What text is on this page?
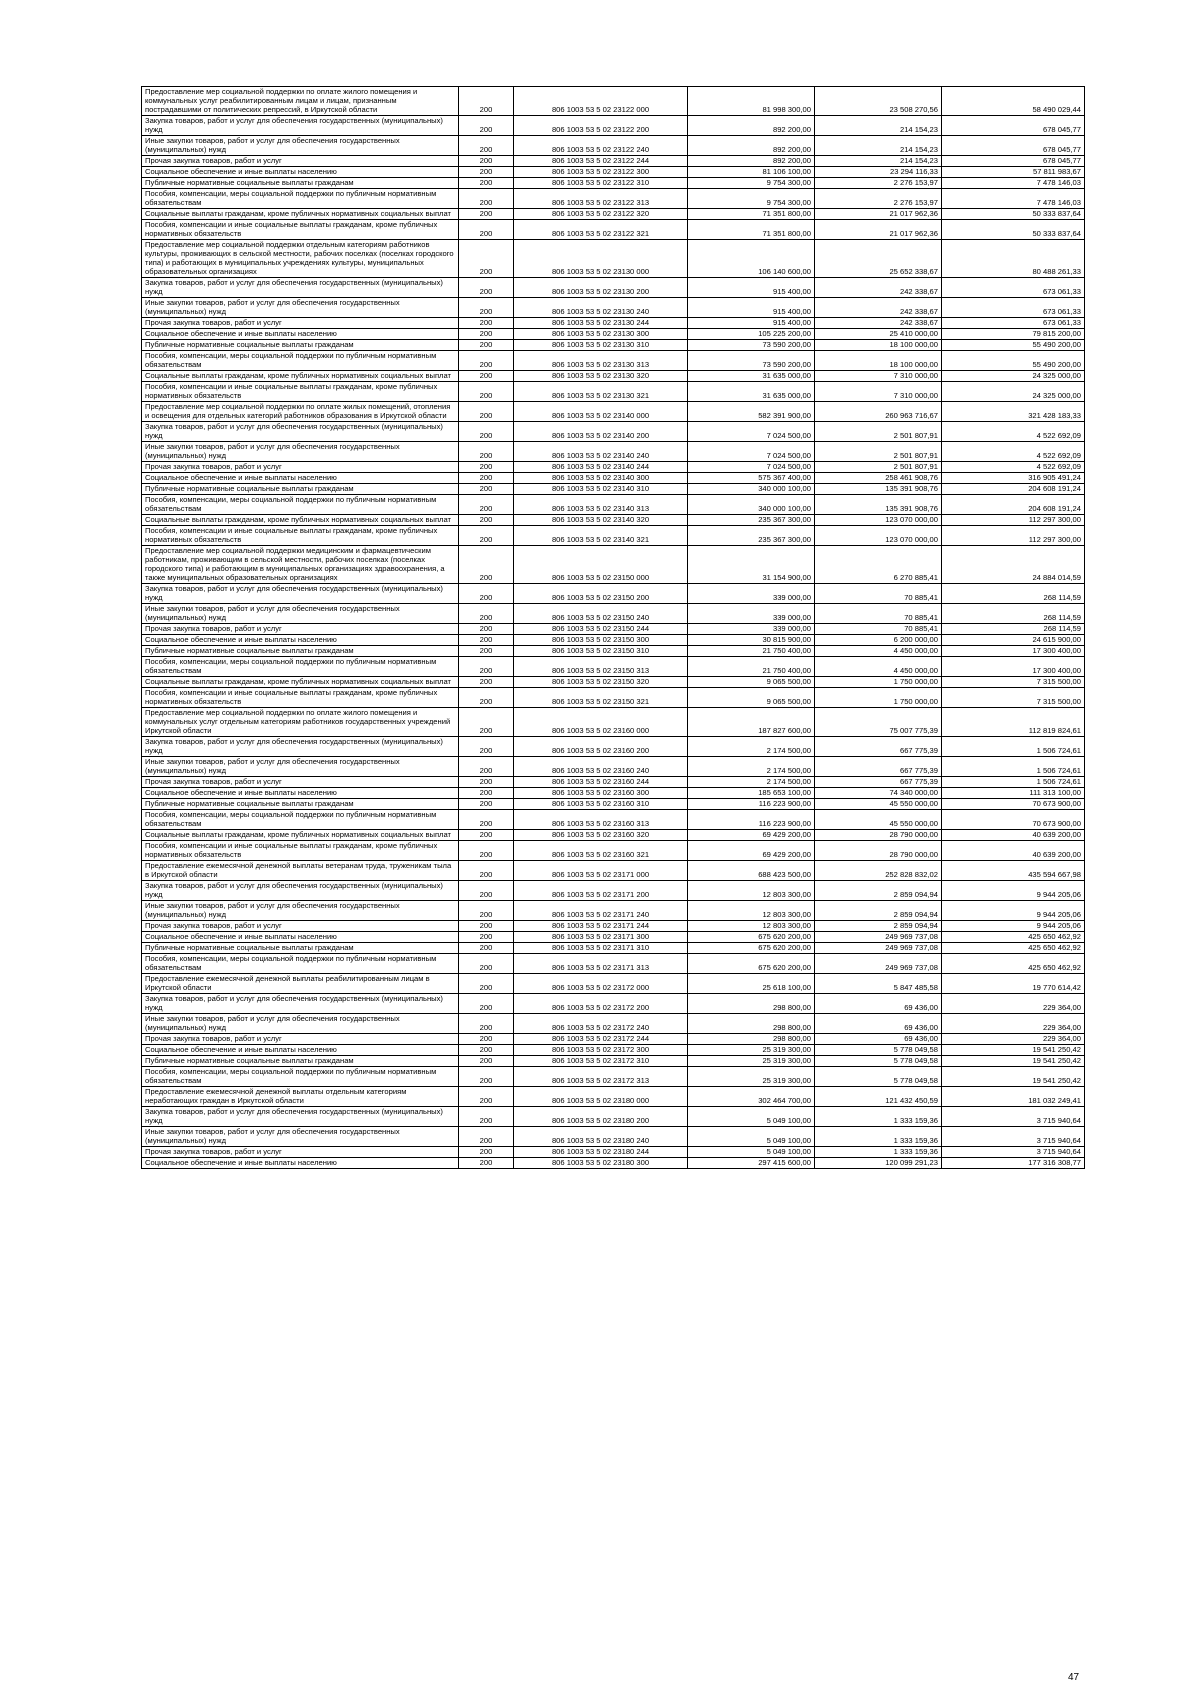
Предоставление мер социальной поддержки по оплате жилого помещения и коммунальных услуг реабилитированным лицам и лицам, признанным пострадавшими от политических репрессий, в Иркутской области	200	806 1003 53 5 02 23122 000	81 998 300,00	23 508 270,56	58 490 029,44
Закупка товаров, работ и услуг для обеспечения государственных (муниципальных) нужд	200	806 1003 53 5 02 23122 200	892 200,00	214 154,23	678 045,77
Иные закупки товаров, работ и услуг для обеспечения государственных (муниципальных) нужд	200	806 1003 53 5 02 23122 240	892 200,00	214 154,23	678 045,77
Прочая закупка товаров, работ и услуг	200	806 1003 53 5 02 23122 244	892 200,00	214 154,23	678 045,77
Социальное обеспечение и иные выплаты населению	200	806 1003 53 5 02 23122 300	81 106 100,00	23 294 116,33	57 811 983,67
Публичные нормативные социальные выплаты гражданам	200	806 1003 53 5 02 23122 310	9 754 300,00	2 276 153,97	7 478 146,03
Пособия, компенсации, меры социальной поддержки по публичным нормативным обязательствам	200	806 1003 53 5 02 23122 313	9 754 300,00	2 276 153,97	7 478 146,03
Социальные выплаты гражданам, кроме публичных нормативных социальных выплат	200	806 1003 53 5 02 23122 320	71 351 800,00	21 017 962,36	50 333 837,64
Пособия, компенсации и иные социальные выплаты гражданам, кроме публичных нормативных обязательств	200	806 1003 53 5 02 23122 321	71 351 800,00	21 017 962,36	50 333 837,64
Предоставление мер социальной поддержки отдельным категориям работников культуры, проживающих в сельской местности, рабочих поселках (поселках городского типа) и работающих в муниципальных учреждениях культуры, муниципальных образовательных организациях	200	806 1003 53 5 02 23130 000	106 140 600,00	25 652 338,67	80 488 261,33
Закупка товаров, работ и услуг для обеспечения государственных (муниципальных) нужд	200	806 1003 53 5 02 23130 200	915 400,00	242 338,67	673 061,33
Иные закупки товаров, работ и услуг для обеспечения государственных (муниципальных) нужд	200	806 1003 53 5 02 23130 240	915 400,00	242 338,67	673 061,33
Прочая закупка товаров, работ и услуг	200	806 1003 53 5 02 23130 244	915 400,00	242 338,67	673 061,33
Социальное обеспечение и иные выплаты населению	200	806 1003 53 5 02 23130 300	105 225 200,00	25 410 000,00	79 815 200,00
Публичные нормативные социальные выплаты гражданам	200	806 1003 53 5 02 23130 310	73 590 200,00	18 100 000,00	55 490 200,00
Пособия, компенсации, меры социальной поддержки по публичным нормативным обязательствам	200	806 1003 53 5 02 23130 313	73 590 200,00	18 100 000,00	55 490 200,00
Социальные выплаты гражданам, кроме публичных нормативных социальных выплат	200	806 1003 53 5 02 23130 320	31 635 000,00	7 310 000,00	24 325 000,00
Пособия, компенсации и иные социальные выплаты гражданам, кроме публичных нормативных обязательств	200	806 1003 53 5 02 23130 321	31 635 000,00	7 310 000,00	24 325 000,00
Предоставление мер социальной поддержки по оплате жилых помещений, отопления и освещения для отдельных категорий работников образования в Иркутской области	200	806 1003 53 5 02 23140 000	582 391 900,00	260 963 716,67	321 428 183,33
Закупка товаров, работ и услуг для обеспечения государственных (муниципальных) нужд	200	806 1003 53 5 02 23140 200	7 024 500,00	2 501 807,91	4 522 692,09
Иные закупки товаров, работ и услуг для обеспечения государственных (муниципальных) нужд	200	806 1003 53 5 02 23140 240	7 024 500,00	2 501 807,91	4 522 692,09
Прочая закупка товаров, работ и услуг	200	806 1003 53 5 02 23140 244	7 024 500,00	2 501 807,91	4 522 692,09
Социальное обеспечение и иные выплаты населению	200	806 1003 53 5 02 23140 300	575 367 400,00	258 461 908,76	316 905 491,24
Публичные нормативные социальные выплаты гражданам	200	806 1003 53 5 02 23140 310	340 000 100,00	135 391 908,76	204 608 191,24
Пособия, компенсации, меры социальной поддержки по публичным нормативным обязательствам	200	806 1003 53 5 02 23140 313	340 000 100,00	135 391 908,76	204 608 191,24
Социальные выплаты гражданам, кроме публичных нормативных социальных выплат	200	806 1003 53 5 02 23140 320	235 367 300,00	123 070 000,00	112 297 300,00
Пособия, компенсации и иные социальные выплаты гражданам, кроме публичных нормативных обязательств	200	806 1003 53 5 02 23140 321	235 367 300,00	123 070 000,00	112 297 300,00
Предоставление мер социальной поддержки медицинским и фармацевтическим работникам, проживающим в сельской местности, рабочих поселках (поселках городского типа) и работающим в муниципальных организациях здравоохранения, а также муниципальных образовательных организациях	200	806 1003 53 5 02 23150 000	31 154 900,00	6 270 885,41	24 884 014,59
Закупка товаров, работ и услуг для обеспечения государственных (муниципальных) нужд	200	806 1003 53 5 02 23150 200	339 000,00	70 885,41	268 114,59
Иные закупки товаров, работ и услуг для обеспечения государственных (муниципальных) нужд	200	806 1003 53 5 02 23150 240	339 000,00	70 885,41	268 114,59
Прочая закупка товаров, работ и услуг	200	806 1003 53 5 02 23150 244	339 000,00	70 885,41	268 114,59
Социальное обеспечение и иные выплаты населению	200	806 1003 53 5 02 23150 300	30 815 900,00	6 200 000,00	24 615 900,00
Публичные нормативные социальные выплаты гражданам	200	806 1003 53 5 02 23150 310	21 750 400,00	4 450 000,00	17 300 400,00
Пособия, компенсации, меры социальной поддержки по публичным нормативным обязательствам	200	806 1003 53 5 02 23150 313	21 750 400,00	4 450 000,00	17 300 400,00
Социальные выплаты гражданам, кроме публичных нормативных социальных выплат	200	806 1003 53 5 02 23150 320	9 065 500,00	1 750 000,00	7 315 500,00
Пособия, компенсации и иные социальные выплаты гражданам, кроме публичных нормативных обязательств	200	806 1003 53 5 02 23150 321	9 065 500,00	1 750 000,00	7 315 500,00
Предоставление мер социальной поддержки по оплате жилого помещения и коммунальных услуг отдельным категориям работников государственных учреждений Иркутской области	200	806 1003 53 5 02 23160 000	187 827 600,00	75 007 775,39	112 819 824,61
Закупка товаров, работ и услуг для обеспечения государственных (муниципальных) нужд	200	806 1003 53 5 02 23160 200	2 174 500,00	667 775,39	1 506 724,61
Иные закупки товаров, работ и услуг для обеспечения государственных (муниципальных) нужд	200	806 1003 53 5 02 23160 240	2 174 500,00	667 775,39	1 506 724,61
Прочая закупка товаров, работ и услуг	200	806 1003 53 5 02 23160 244	2 174 500,00	667 775,39	1 506 724,61
Социальное обеспечение и иные выплаты населению	200	806 1003 53 5 02 23160 300	185 653 100,00	74 340 000,00	111 313 100,00
Публичные нормативные социальные выплаты гражданам	200	806 1003 53 5 02 23160 310	116 223 900,00	45 550 000,00	70 673 900,00
Пособия, компенсации, меры социальной поддержки по публичным нормативным обязательствам	200	806 1003 53 5 02 23160 313	116 223 900,00	45 550 000,00	70 673 900,00
Социальные выплаты гражданам, кроме публичных нормативных социальных выплат	200	806 1003 53 5 02 23160 320	69 429 200,00	28 790 000,00	40 639 200,00
Пособия, компенсации и иные социальные выплаты гражданам, кроме публичных нормативных обязательств	200	806 1003 53 5 02 23160 321	69 429 200,00	28 790 000,00	40 639 200,00
Предоставление ежемесячной денежной выплаты ветеранам труда, труженикам тыла в Иркутской области	200	806 1003 53 5 02 23171 000	688 423 500,00	252 828 832,02	435 594 667,98
Закупка товаров, работ и услуг для обеспечения государственных (муниципальных) нужд	200	806 1003 53 5 02 23171 200	12 803 300,00	2 859 094,94	9 944 205,06
Иные закупки товаров, работ и услуг для обеспечения государственных (муниципальных) нужд	200	806 1003 53 5 02 23171 240	12 803 300,00	2 859 094,94	9 944 205,06
Прочая закупка товаров, работ и услуг	200	806 1003 53 5 02 23171 244	12 803 300,00	2 859 094,94	9 944 205,06
Социальное обеспечение и иные выплаты населению	200	806 1003 53 5 02 23171 300	675 620 200,00	249 969 737,08	425 650 462,92
Публичные нормативные социальные выплаты гражданам	200	806 1003 53 5 02 23171 310	675 620 200,00	249 969 737,08	425 650 462,92
Пособия, компенсации, меры социальной поддержки по публичным нормативным обязательствам	200	806 1003 53 5 02 23171 313	675 620 200,00	249 969 737,08	425 650 462,92
Предоставление ежемесячной денежной выплаты реабилитированным лицам в Иркутской области	200	806 1003 53 5 02 23172 000	25 618 100,00	5 847 485,58	19 770 614,42
Закупка товаров, работ и услуг для обеспечения государственных (муниципальных) нужд	200	806 1003 53 5 02 23172 200	298 800,00	69 436,00	229 364,00
Иные закупки товаров, работ и услуг для обеспечения государственных (муниципальных) нужд	200	806 1003 53 5 02 23172 240	298 800,00	69 436,00	229 364,00
Прочая закупка товаров, работ и услуг	200	806 1003 53 5 02 23172 244	298 800,00	69 436,00	229 364,00
Социальное обеспечение и иные выплаты населению	200	806 1003 53 5 02 23172 300	25 319 300,00	5 778 049,58	19 541 250,42
Публичные нормативные социальные выплаты гражданам	200	806 1003 53 5 02 23172 310	25 319 300,00	5 778 049,58	19 541 250,42
Пособия, компенсации, меры социальной поддержки по публичным нормативным обязательствам	200	806 1003 53 5 02 23172 313	25 319 300,00	5 778 049,58	19 541 250,42
Предоставление ежемесячной денежной выплаты отдельным категориям неработающих граждан в Иркутской области	200	806 1003 53 5 02 23180 000	302 464 700,00	121 432 450,59	181 032 249,41
Закупка товаров, работ и услуг для обеспечения государственных (муниципальных) нужд	200	806 1003 53 5 02 23180 200	5 049 100,00	1 333 159,36	3 715 940,64
Иные закупки товаров, работ и услуг для обеспечения государственных (муниципальных) нужд	200	806 1003 53 5 02 23180 240	5 049 100,00	1 333 159,36	3 715 940,64
Прочая закупка товаров, работ и услуг	200	806 1003 53 5 02 23180 244	5 049 100,00	1 333 159,36	3 715 940,64
Социальное обеспечение и иные выплаты населению	200	806 1003 53 5 02 23180 300	297 415 600,00	120 099 291,23	177 316 308,77
47
